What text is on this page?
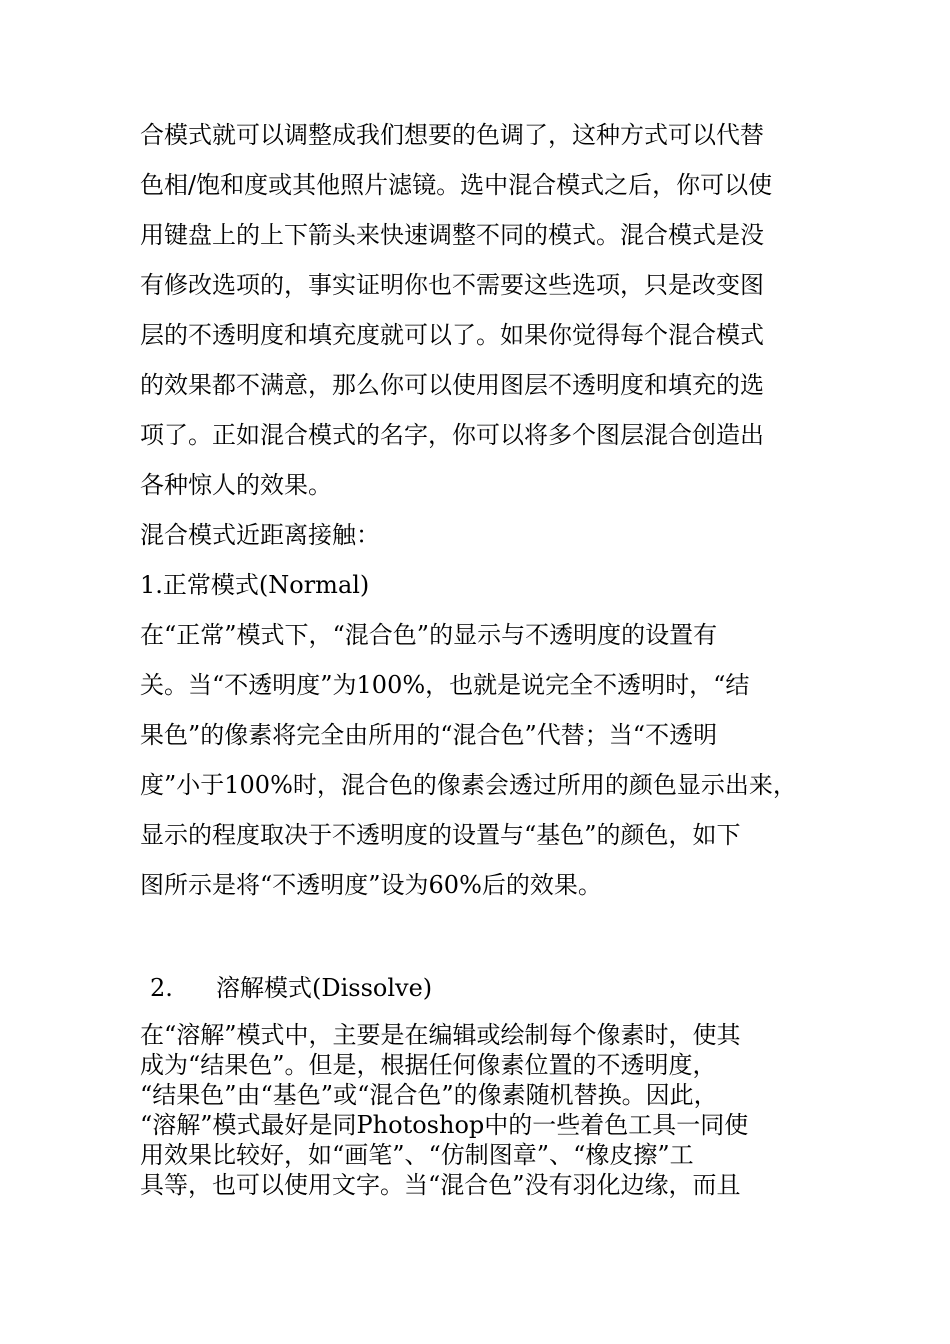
合模式就可以调整成我们想要的色调了，这种方式可以代替
色相/饱和度或其他照片滤镜。选中混合模式之后，你可以使
用键盘上的上下箭头来快速调整不同的模式。混合模式是没
有修改选项的，事实证明你也不需要这些选项，只是改变图
层的不透明度和填充度就可以了。如果你觉得每个混合模式
的效果都不满意，那么你可以使用图层不透明度和填充的选
项了。正如混合模式的名字，你可以将多个图层混合创造出
各种惊人的效果。
混合模式近距离接触：
1.正常模式(Normal)
在“正常”模式下，“混合色”的显示与不透明度的设置有
关。当“不透明度”为100%，也就是说完全不透明时，“结
果色”的像素将完全由所用的“混合色”代替；当“不透明
度”小于100%时，混合色的像素会透过所用的颜色显示出来，
显示的程度取决于不透明度的设置与“基色”的颜色，如下
图所示是将“不透明度”设为60%后的效果。
2. 溶解模式(Dissolve)
在“溶解”模式中，主要是在编辑或绘制每个像素时，使其
成为“结果色”。但是，根据任何像素位置的不透明度，
“结果色”由“基色”或“混合色”的像素随机替换。因此，
“溶解”模式最好是同Photoshop中的一些着色工具一同使
用效果比较好，如“画笔”、“仿制图章”、“橡皮擦”工
具等，也可以使用文字。当“混合色”没有羽化边缘，而且
